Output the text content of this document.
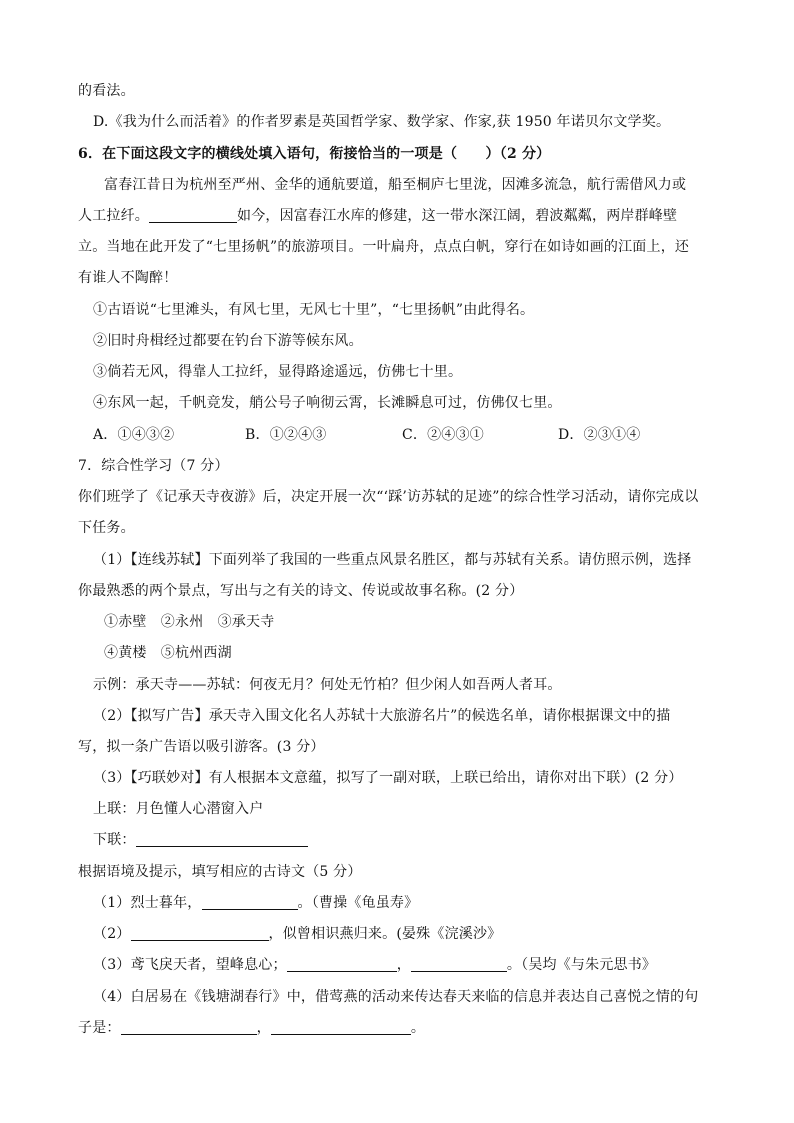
的看法。
D.《我为什么而活着》的作者罗素是英国哲学家、数学家、作家,获 1950 年诺贝尔文学奖。
6．在下面这段文字的横线处填入语句，衔接恰当的一项是（　　）（2 分）
富春江昔日为杭州至严州、金华的通航要道，船至桐庐七里泷，因滩多流急，航行需借风力或
人工拉纤。	如今，因富春江水库的修建，这一带水深江阔，碧波粼粼，两岸群峰壁
立。当地在此开发了“七里扬帆”的旅游项目。一叶扁舟，点点白帆，穿行在如诗如画的江面上，还
有谁人不陶醉！
①古语说“七里滩头，有风七里，无风七十里”，“七里扬帆”由此得名。
②旧时舟楫经过都要在钓台下游等候东风。
③倘若无风，得靠人工拉纤，显得路途遥远，仿佛七十里。
④东风一起，千帆竞发，艄公号子响彻云霄，长滩瞬息可过，仿佛仅七里。
A．①④③②	B．①②④③	C．②④③①	D．②③①④
7．综合性学习（7 分）
你们班学了《记承天寺夜游》后，决定开展一次“‘踩’访苏轼的足迹”的综合性学习活动，请你完成以
下任务。
（1）【连线苏轼】下面列举了我国的一些重点风景名胜区，都与苏轼有关系。请仿照示例，选择
你最熟悉的两个景点，写出与之有关的诗文、传说或故事名称。(2 分）
①赤壁　②永州　③承天寺
④黄楼　⑤杭州西湖
示例：承天寺——苏轼：何夜无月？何处无竹柏？但少闲人如吾两人者耳。
（2）【拟写广告】承天寺入围文化名人苏轼十大旅游名片”的候选名单，请你根据课文中的描
写，拟一条广告语以吸引游客。(3 分）
（3）【巧联妙对】有人根据本文意蕴，拟写了一副对联，上联已给出，请你对出下联）(2 分）
上联：月色懂人心潜窗入户
下联：
根据语境及提示，填写相应的古诗文（5 分）
（1）烈士暮年，	。（曹操《龟虽寿》
（2）	，似曾相识燕归来。(晏殊《浣溪沙》
（3）鸢飞戾天者，望峰息心；	，	。（吴均《与朱元思书》
（4）白居易在《钱塘湖春行》中，借莺燕的活动来传达春天来临的信息并表达自己喜悦之情的句
子是：	，	。
